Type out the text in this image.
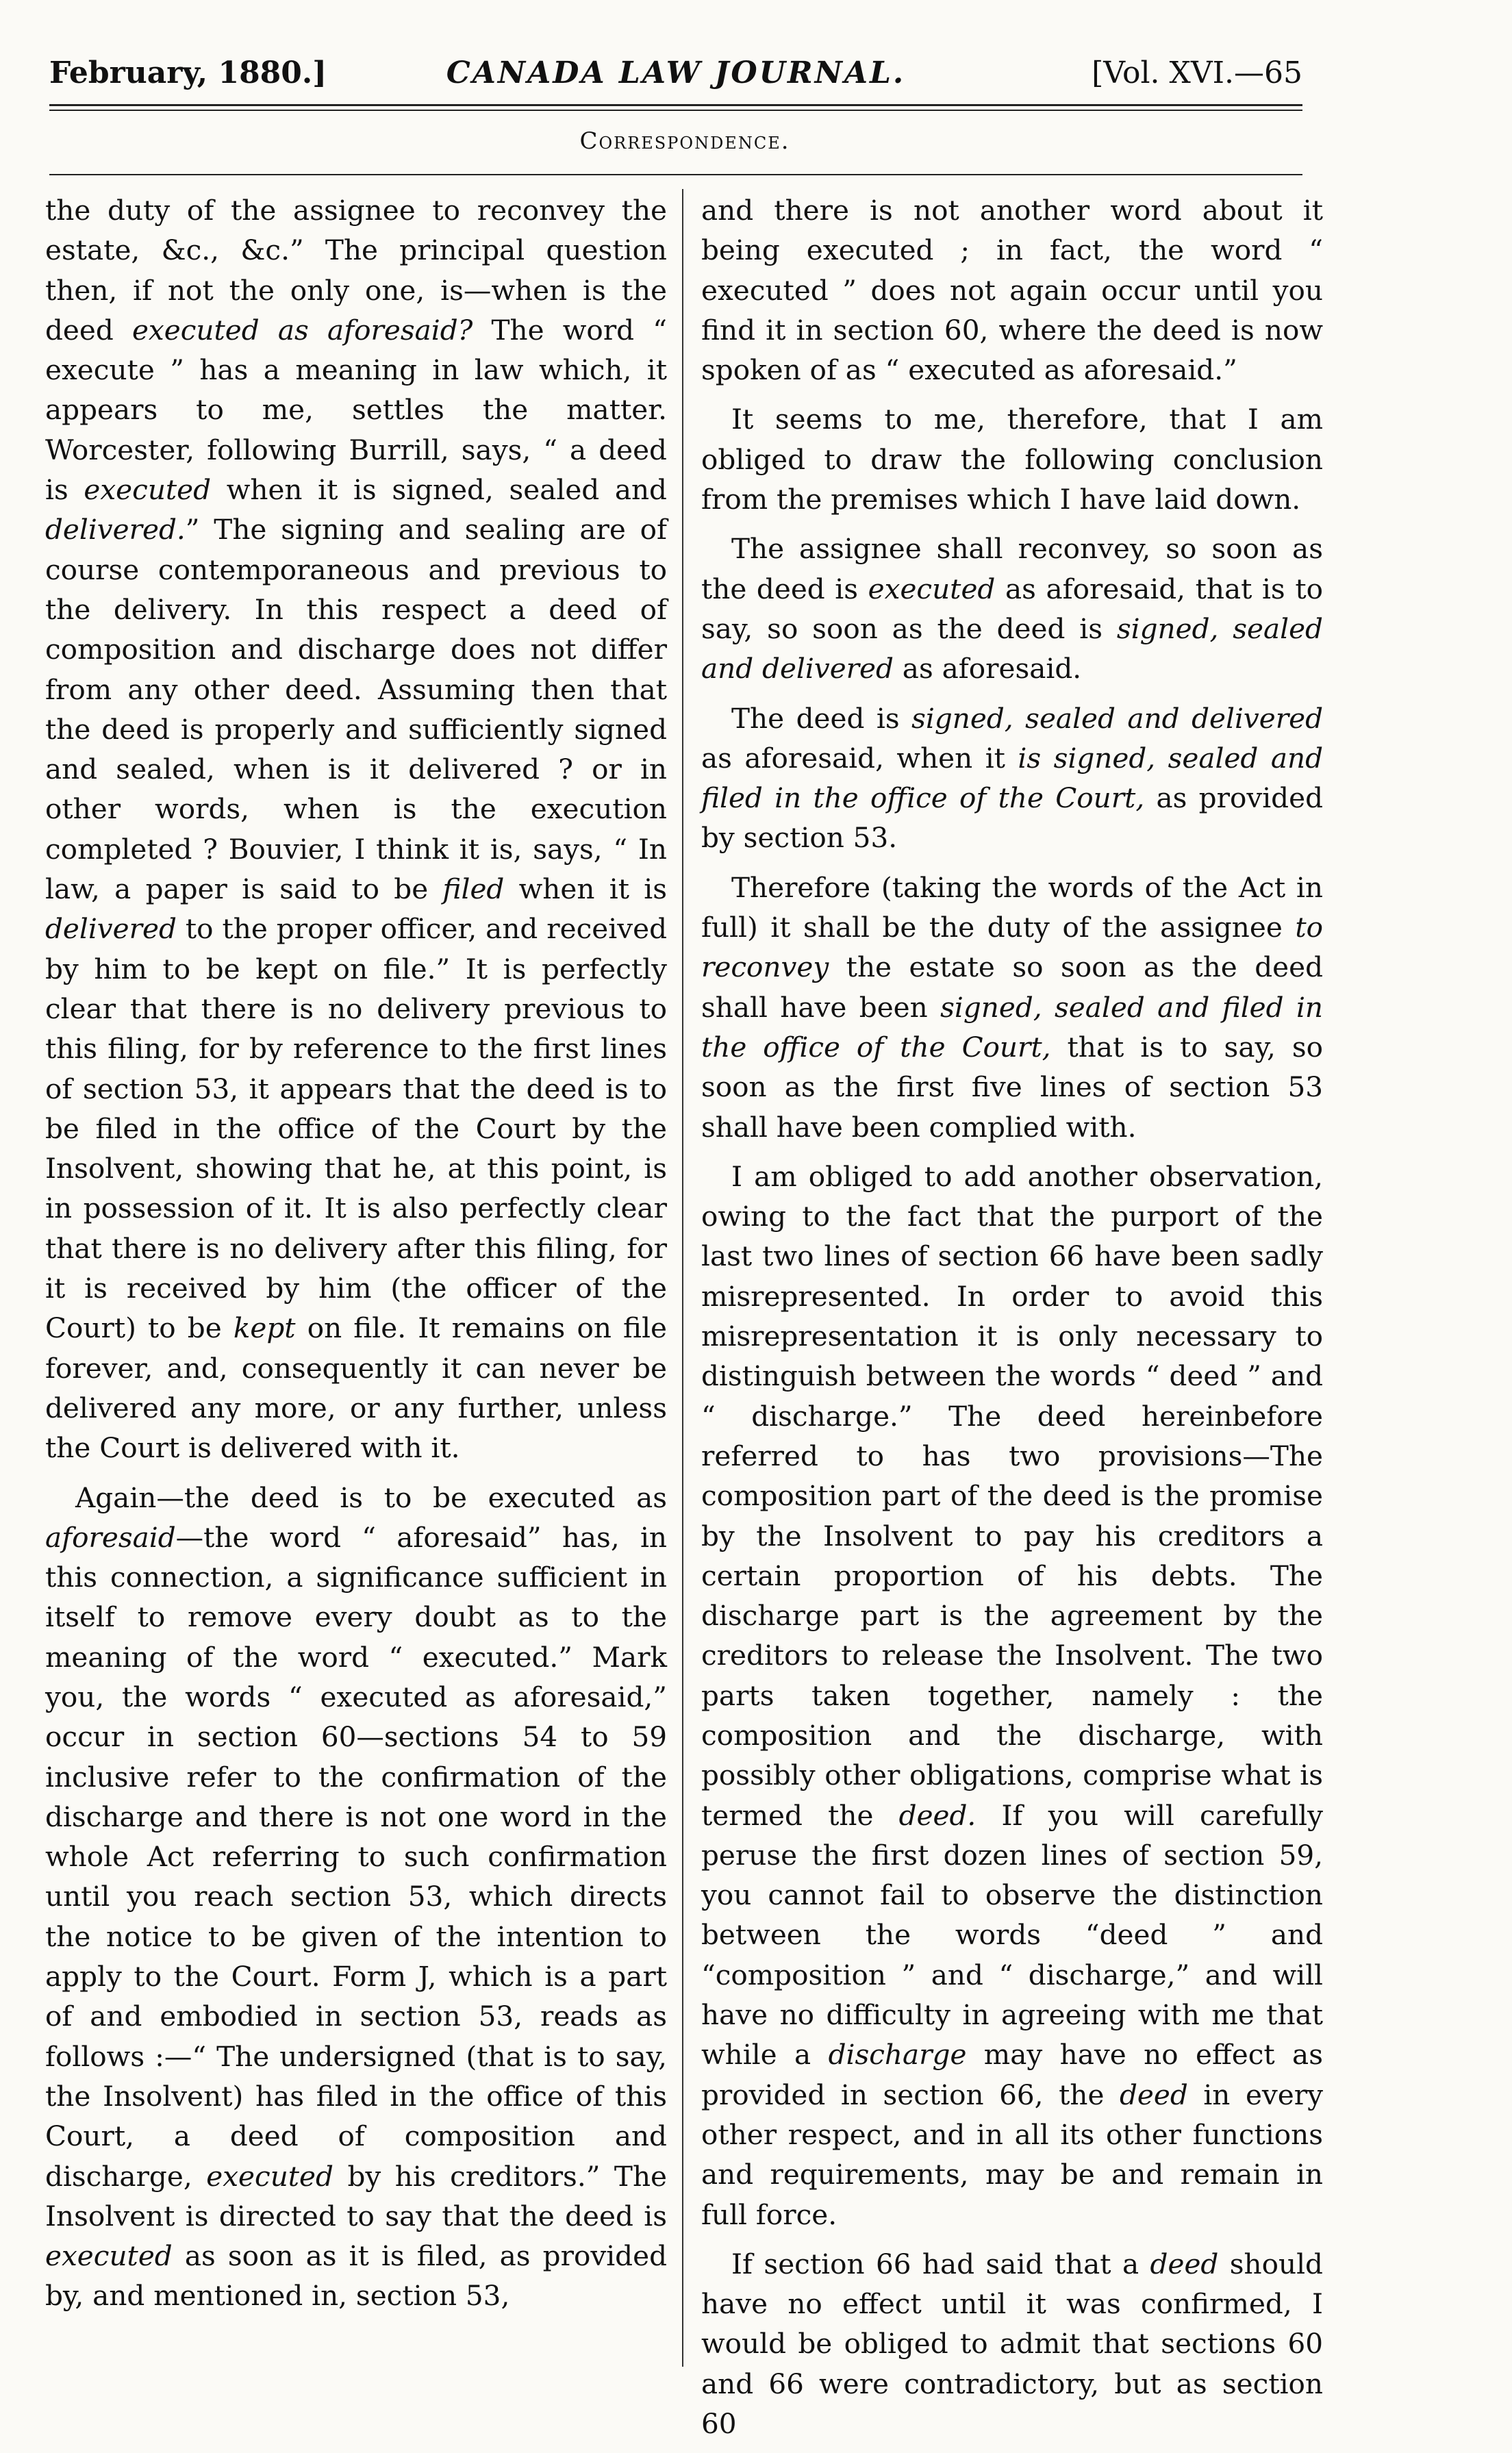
February, 1880.]	CANADA LAW JOURNAL.	[Vol. XVI.—65
Correspondence.

the duty of the assignee to reconvey the estate, &c., &c.” The principal question then, if not the only one, is—when is the deed executed as aforesaid? The word “ execute ” has a meaning in law which, it appears to me, settles the matter. Worcester, following Burrill, says, “ a deed is executed when it is signed, sealed and delivered.” The signing and sealing are of course contemporaneous and previous to the delivery. In this respect a deed of composition and discharge does not differ from any other deed. Assuming then that the deed is properly and sufficiently signed and sealed, when is it delivered ? or in other words, when is the execution completed ? Bouvier, I think it is, says, “ In law, a paper is said to be filed when it is delivered to the proper officer, and received by him to be kept on file.” It is perfectly clear that there is no delivery previous to this filing, for by reference to the first lines of section 53, it appears that the deed is to be filed in the office of the Court by the Insolvent, showing that he, at this point, is in possession of it. It is also perfectly clear that there is no delivery after this filing, for it is received by him (the officer of the Court) to be kept on file. It remains on file forever, and, consequently it can never be delivered any more, or any further, unless the Court is delivered with it.

Again—the deed is to be executed as aforesaid—the word “ aforesaid” has, in this connection, a significance sufficient in itself to remove every doubt as to the meaning of the word “ executed.” Mark you, the words “ executed as aforesaid,” occur in section 60—sections 54 to 59 inclusive refer to the confirmation of the discharge and there is not one word in the whole Act referring to such confirmation until you reach section 53, which directs the notice to be given of the intention to apply to the Court. Form J, which is a part of and embodied in section 53, reads as follows :—“ The undersigned (that is to say, the Insolvent) has filed in the office of this Court, a deed of composition and discharge, executed by his creditors.” The Insolvent is directed to say that the deed is executed as soon as it is filed, as provided by, and mentioned in, section 53,

and there is not another word about it being executed ; in fact, the word “ executed ” does not again occur until you find it in section 60, where the deed is now spoken of as “ executed as aforesaid.”

It seems to me, therefore, that I am obliged to draw the following conclusion from the premises which I have laid down.

The assignee shall reconvey, so soon as the deed is executed as aforesaid, that is to say, so soon as the deed is signed, sealed and delivered as aforesaid.

The deed is signed, sealed and delivered as aforesaid, when it is signed, sealed and filed in the office of the Court, as provided by section 53.

Therefore (taking the words of the Act in full) it shall be the duty of the assignee to reconvey the estate so soon as the deed shall have been signed, sealed and filed in the office of the Court, that is to say, so soon as the first five lines of section 53 shall have been complied with.

I am obliged to add another observation, owing to the fact that the purport of the last two lines of section 66 have been sadly misrepresented. In order to avoid this misrepresentation it is only necessary to distinguish between the words “ deed ” and “ discharge.” The deed hereinbefore referred to has two provisions—The composition part of the deed is the promise by the Insolvent to pay his creditors a certain proportion of his debts. The discharge part is the agreement by the creditors to release the Insolvent. The two parts taken together, namely : the composition and the discharge, with possibly other obligations, comprise what is termed the deed. If you will carefully peruse the first dozen lines of section 59, you cannot fail to observe the distinction between the words “deed ” and “composition ” and “ discharge,” and will have no difficulty in agreeing with me that while a discharge may have no effect as provided in section 66, the deed in every other respect, and in all its other functions and requirements, may be and remain in full force.

If section 66 had said that a deed should have no effect until it was confirmed, I would be obliged to admit that sections 60 and 66 were contradictory, but as section 60
